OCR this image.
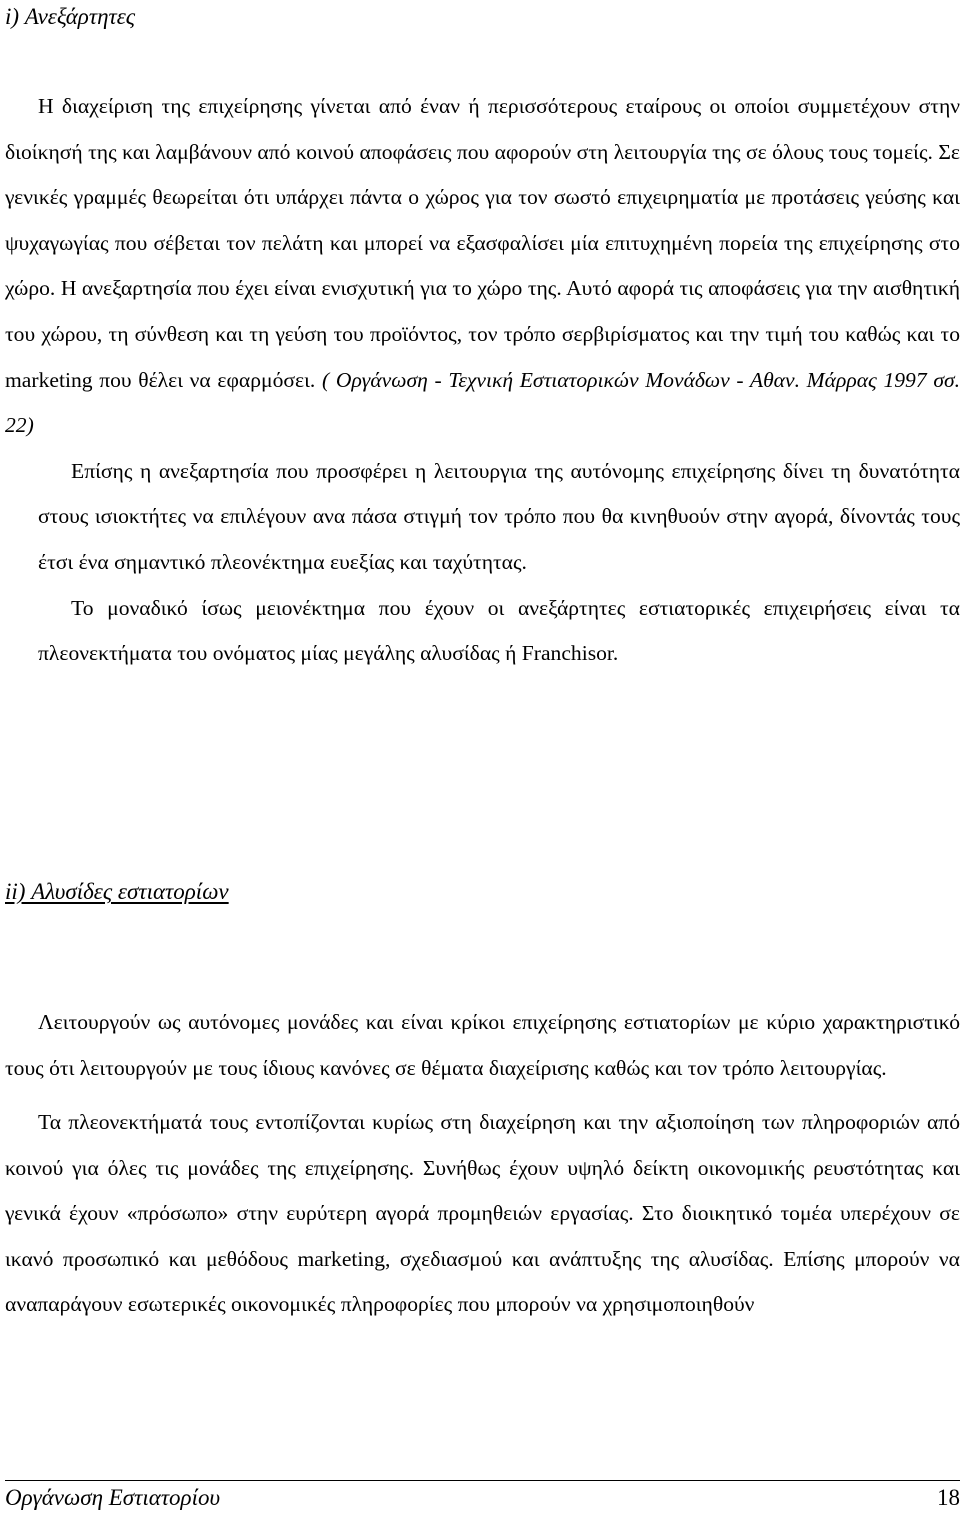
i) Ανεξάρτητες
Η διαχείριση της επιχείρησης γίνεται από έναν ή περισσότερους εταίρους οι οποίοι συμμετέχουν στην διοίκησή της και λαμβάνουν από κοινού αποφάσεις που αφορούν στη λειτουργία της σε όλους τους τομείς. Σε γενικές γραμμές θεωρείται ότι υπάρχει πάντα ο χώρος για τον σωστό επιχειρηματία με προτάσεις γεύσης και ψυχαγωγίας που σέβεται τον πελάτη και μπορεί να εξασφαλίσει μία επιτυχημένη πορεία της επιχείρησης στο χώρο. Η ανεξαρτησία που έχει είναι ενισχυτική για το χώρο της. Αυτό αφορά τις αποφάσεις για την αισθητική του χώρου, τη σύνθεση και τη γεύση του προϊόντος, τον τρόπο σερβιρίσματος και την τιμή του καθώς και το marketing που θέλει να εφαρμόσει. ( Οργάνωση - Τεχνική Εστιατορικών Μονάδων - Αθαν. Μάρρας 1997 σσ. 22)
Επίσης η ανεξαρτησία που προσφέρει η λειτουργια της αυτόνομης επιχείρησης δίνει τη δυνατότητα στους ισιοκτήτες να επιλέγουν ανα πάσα στιγμή τον τρόπο που θα κινηθυούν στην αγορά, δίνοντάς τους έτσι ένα σημαντικό πλεονέκτημα ευεξίας και ταχύτητας.
Το μοναδικό ίσως μειονέκτημα που έχουν οι ανεξάρτητες εστιατορικές επιχειρήσεις είναι τα πλεονεκτήματα του ονόματος μίας μεγάλης αλυσίδας ή Franchisor.
ii) Αλυσίδες εστιατορίων

Λειτουργούν ως αυτόνομες μονάδες και είναι κρίκοι επιχείρησης εστιατορίων με κύριο χαρακτηριστικό τους ότι λειτουργούν με τους ίδιους κανόνες σε θέματα διαχείρισης καθώς και τον τρόπο λειτουργίας.

Τα πλεονεκτήματά τους εντοπίζονται κυρίως στη διαχείρηση και την αξιοποίηση των πληροφοριών από κοινού για όλες τις μονάδες της επιχείρησης. Συνήθως έχουν υψηλό δείκτη οικονομικής ρευστότητας και γενικά έχουν «πρόσωπο» στην ευρύτερη αγορά προμηθειών εργασίας. Στο διοικητικό τομέα υπερέχουν σε ικανό προσωπικό και μεθόδους marketing, σχεδιασμού και ανάπτυξης της αλυσίδας. Επίσης μπορούν να αναπαράγουν εσωτερικές οικονομικές πληροφορίες που μπορούν να χρησιμοποιηθούν

Οργάνωση Εστιατορίου	18
